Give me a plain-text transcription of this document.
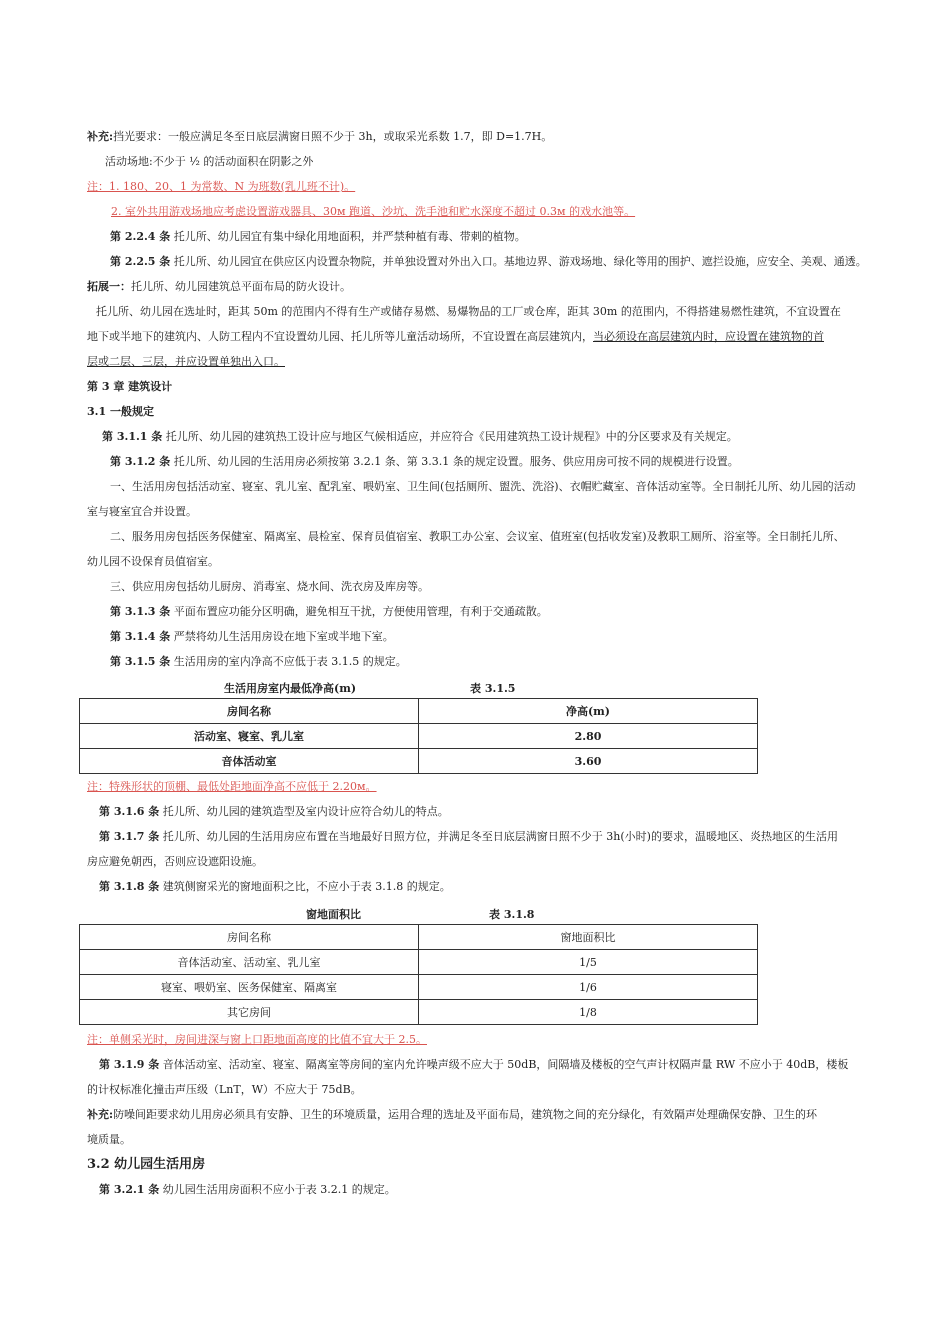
补充:挡光要求：一般应满足冬至日底层满窗日照不少于 3h，或取采光系数 1.7，即 D=1.7H。
活动场地:不少于 ½ 的活动面积在阴影之外
注：1. 180、20、1 为常数、N 为班数(乳儿班不计)。
2. 室外共用游戏场地应考虑设置游戏器具、30м 跑道、沙坑、洗手池和贮水深度不超过 0.3м 的戏水池等。
第 2.2.4 条 托儿所、幼儿园宜有集中绿化用地面积，并严禁种植有毒、带刺的植物。
第 2.2.5 条 托儿所、幼儿园宜在供应区内设置杂物院，并单独设置对外出入口。基地边界、游戏场地、绿化等用的围护、遮拦设施，应安全、美观、通透。
拓展一：托儿所、幼儿园建筑总平面布局的防火设计。
托儿所、幼儿园在选址时，距其 50m 的范围内不得有生产或储存易燃、易爆物品的工厂或仓库，距其 30m 的范围内，不得搭建易燃性建筑，不宜设置在
地下或半地下的建筑内、人防工程内不宜设置幼儿园、托儿所等儿童活动场所，不宜设置在高层建筑内，当必须设在高层建筑内时，应设置在建筑物的首
层或二层、三层，并应设置单独出入口。
第 3 章 建筑设计
3.1 一般规定
第 3.1.1 条 托儿所、幼儿园的建筑热工设计应与地区气候相适应，并应符合《民用建筑热工设计规程》中的分区要求及有关规定。
第 3.1.2 条 托儿所、幼儿园的生活用房必须按第 3.2.1 条、第 3.3.1 条的规定设置。服务、供应用房可按不同的规模进行设置。
一、生活用房包括活动室、寝室、乳儿室、配乳室、喂奶室、卫生间(包括厕所、盥洗、洗浴)、衣帽贮藏室、音体活动室等。全日制托儿所、幼儿园的活动
室与寝室宜合并设置。
二、服务用房包括医务保健室、隔离室、晨检室、保育员值宿室、教职工办公室、会议室、值班室(包括收发室)及教职工厕所、浴室等。全日制托儿所、
幼儿园不设保育员值宿室。
三、供应用房包括幼儿厨房、消毒室、烧水间、洗衣房及库房等。
第 3.1.3 条 平面布置应功能分区明确，避免相互干扰，方便使用管理，有利于交通疏散。
第 3.1.4 条 严禁将幼儿生活用房设在地下室或半地下室。
第 3.1.5 条 生活用房的室内净高不应低于表 3.1.5 的规定。
生活用房室内最低净高(m)	表 3.1.5
房间名称	净高(m)
活动室、寝室、乳儿室	2.80
音体活动室	3.60
注：特殊形状的顶棚、最低处距地面净高不应低于 2.20м。
第 3.1.6 条 托儿所、幼儿园的建筑造型及室内设计应符合幼儿的特点。
第 3.1.7 条 托儿所、幼儿园的生活用房应布置在当地最好日照方位，并满足冬至日底层满窗日照不少于 3h(小时)的要求，温暖地区、炎热地区的生活用
房应避免朝西，否则应设遮阳设施。
第 3.1.8 条 建筑侧窗采光的窗地面积之比，不应小于表 3.1.8 的规定。
窗地面积比	表 3.1.8
房间名称	窗地面积比
音体活动室、活动室、乳儿室	1/5
寝室、喂奶室、医务保健室、隔离室	1/6
其它房间	1/8
注：单侧采光时，房间进深与窗上口距地面高度的比值不宜大于 2.5。
第 3.1.9 条 音体活动室、活动室、寝室、隔离室等房间的室内允许噪声级不应大于 50dB，间隔墙及楼板的空气声计权隔声量 RW 不应小于 40dB，楼板
的计权标准化撞击声压级（LnT，W）不应大于 75dB。
补充:防噪间距要求幼儿用房必须具有安静、卫生的环境质量，运用合理的选址及平面布局，建筑物之间的充分绿化，有效隔声处理确保安静、卫生的环
境质量。
3.2 幼儿园生活用房
第 3.2.1 条 幼儿园生活用房面积不应小于表 3.2.1 的规定。
